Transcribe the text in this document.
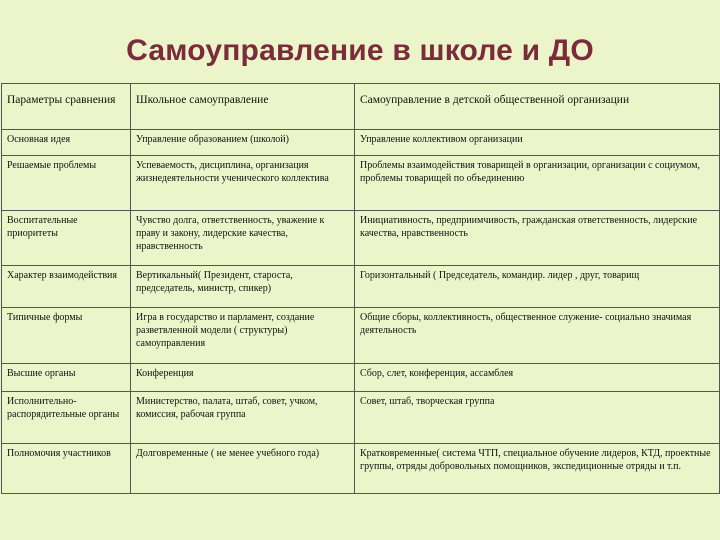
Самоуправление в школе и ДО
Параметры сравнения	Школьное самоуправление	Самоуправление в детской общественной организации
Основная идея	Управление образованием (школой)	Управление коллективом организации
Решаемые проблемы	Успеваемость, дисциплина, организация жизнедеятельности ученического коллектива	Проблемы взаимодействия товарищей в организации, организации с социумом, проблемы товарищей по объединению
Воспитательные приоритеты	Чувство долга, ответственность, уважение к праву и закону, лидерские качества, нравственность	Инициативность, предприимчивость, гражданская ответственность, лидерские качества, нравственность
Характер взаимодействия	Вертикальный( Президент, староста, председатель, министр, спикер)	Горизонтальный ( Председатель, командир. лидер , друг, товарищ
Типичные формы	Игра в государство и парламент, создание разветвленной модели ( структуры) самоуправления	Общие сборы, коллективность, общественное служение- социально значимая деятельность
Высшие органы	Конференция	Сбор, слет, конференция, ассамблея
Исполнительно-распорядительные органы	Министерство, палата, штаб, совет, учком, комиссия, рабочая группа	Совет, штаб, творческая группа
Полномочия участников	Долговременные ( не менее учебного года)	Кратковременные( система ЧТП, специальное обучение лидеров, КТД, проектные группы, отряды добровольных помощников, экспедиционные отряды и т.п.
